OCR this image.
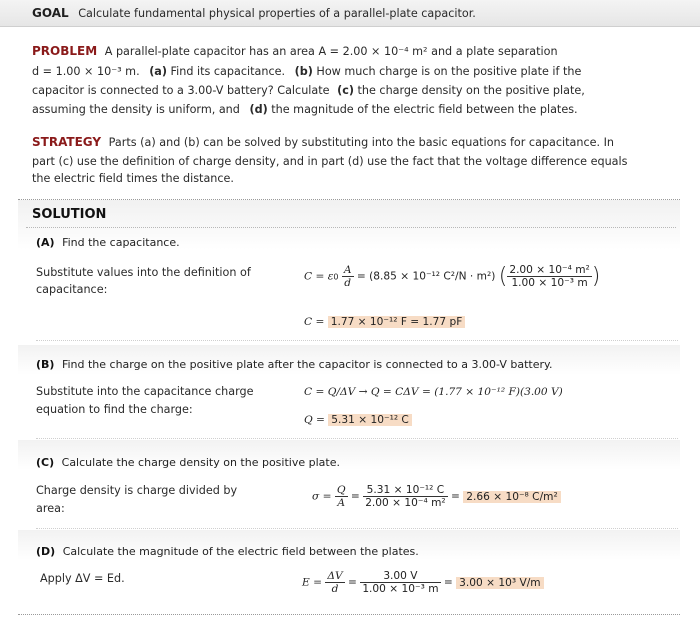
GOAL Calculate fundamental physical properties of a parallel-plate capacitor.
PROBLEM A parallel-plate capacitor has an area A = 2.00 × 10⁻⁴ m² and a plate separation
d = 1.00 × 10⁻³ m. (a) Find its capacitance. (b) How much charge is on the positive plate if the
capacitor is connected to a 3.00-V battery? Calculate (c) the charge density on the positive plate,
assuming the density is uniform, and (d) the magnitude of the electric field between the plates.
STRATEGY Parts (a) and (b) can be solved by substituting into the basic equations for capacitance. In
part (c) use the definition of charge density, and in part (d) use the fact that the voltage difference equals
the electric field times the distance.
SOLUTION
(A) Find the capacitance.
Substitute values into the definition of
capacitance:
$C = \varepsilon 0 \frac{A}{d} = (8.85 \times 10^{-12}$ C²/N · m²) ( $\frac{\text{2.00 × 10⁻⁴ m²}}{\text{1.00 × 10⁻³ m}}$ )
C = 1.77 × 10⁻¹² F = 1.77 pF
(B) Find the charge on the positive plate after the capacitor is connected to a 3.00-V battery.
Substitute into the capacitance charge
equation to find the charge:
C = Q/ΔV → Q = CΔV = (1.77 × 10⁻¹² F)(3.00 V)
Q = 5.31 × 10⁻¹² C
(C) Calculate the charge density on the positive plate.
Charge density is charge divided by
area:
$\sigma = \frac{Q}{A} = \frac{\text{5.31 × 10⁻¹² C}}{\text{2.00 × 10⁻⁴ m²}} = 2.66 \times 10^{-8}$ C/m²
(D) Calculate the magnitude of the electric field between the plates.
Apply ΔV = Ed.	$E = \frac{\Delta V}{d} = \frac{3.00 V}{\text{1.00 × 10⁻³ m}} = 3.00 \times 10^3$ V/m
